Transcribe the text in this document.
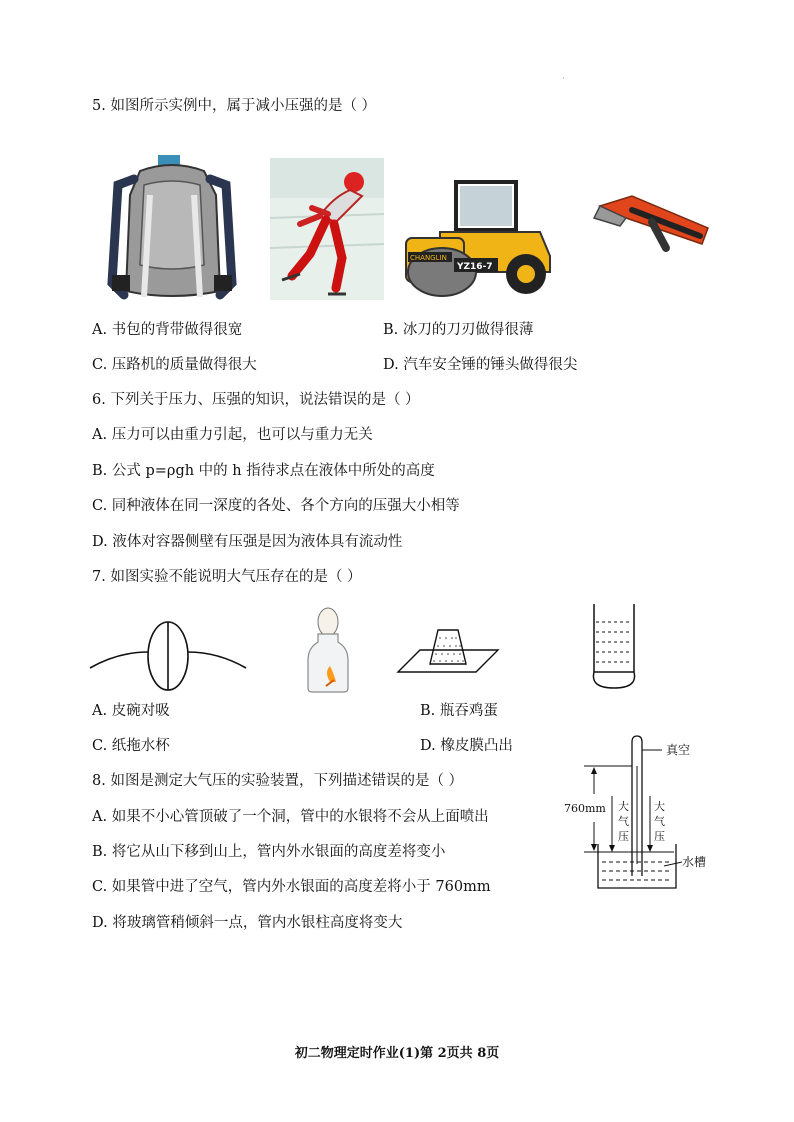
·
5. 如图所示实例中，属于减小压强的是（ ）
CHANGLIN
YZ16-7
A. 书包的背带做得很宽	B. 冰刀的刀刃做得很薄
C. 压路机的质量做得很大	D. 汽车安全锤的锤头做得很尖
6. 下列关于压力、压强的知识，说法错误的是（ ）
A. 压力可以由重力引起，也可以与重力无关
B. 公式 p=ρgh 中的 h 指待求点在液体中所处的高度
C. 同种液体在同一深度的各处、各个方向的压强大小相等
D. 液体对容器侧壁有压强是因为液体具有流动性
7. 如图实验不能说明大气压存在的是（ ）
A. 皮碗对吸	B. 瓶吞鸡蛋
C. 纸拖水杯	D. 橡皮膜凸出
8. 如图是测定大气压的实验装置，下列描述错误的是（ ）
A. 如果不小心管顶破了一个洞，管中的水银将不会从上面喷出
B. 将它从山下移到山上，管内外水银面的高度差将变小
C. 如果管中进了空气，管内外水银面的高度差将小于 760mm
D. 将玻璃管稍倾斜一点，管内水银柱高度将变大
真空
760mm 大
气
压
大
气
压
水槽
初二物理定时作业(1)第 2页共 8页
